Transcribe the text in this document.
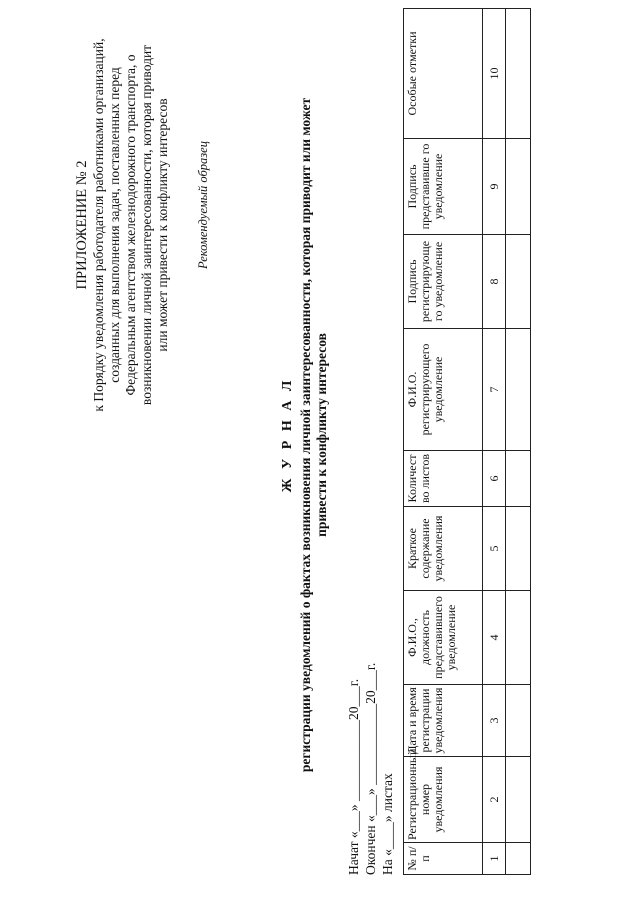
ПРИЛОЖЕНИЕ № 2 к Порядку уведомления работодателя работниками организаций, созданных для выполнения задач, поставленных перед Федеральным агентством железнодорожного транспорта, о возникновении личной заинтересованности, которая приводит или может привести к конфликту интересов Рекомендуемый образец
Ж У Р Н А Л регистрации уведомлений о фактах возникновения личной заинтересованности, которая приводит или может привести к конфликту интересов
Начат «___» ____________20___г. Окончен «___» ____________20___г. На «____» листах № п/п	Регистрационный номер уведомления	Дата и время регистрации уведомления	Ф.И.О., должность представившего уведомление	Краткое содержание уведомления	Количест во листов	Ф.И.О. регистрирующего уведомление	Подпись регистрирующе го уведомление	Подпись представивше го уведомление	Особые отметки
1	2	3	4	5	6	7	8	9	10
